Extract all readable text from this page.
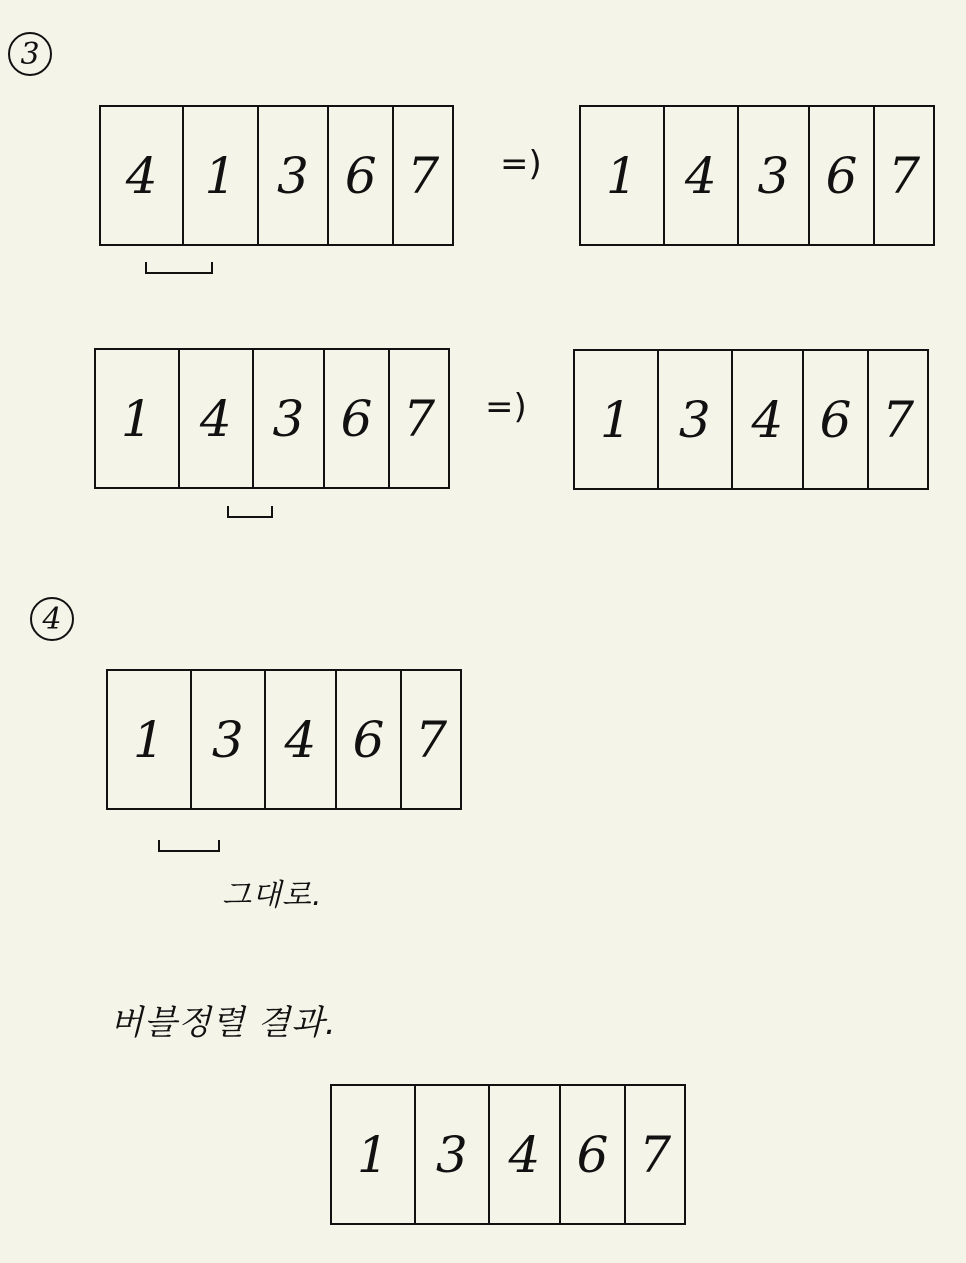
3
4 1 3 6 7	=)	1 4 3 6 7
1 4 3 6 7	=)	1 3 4 6 7
4
1 3 4 6 7
그대로.
버블정렬 결과.
1 3 4 6 7
